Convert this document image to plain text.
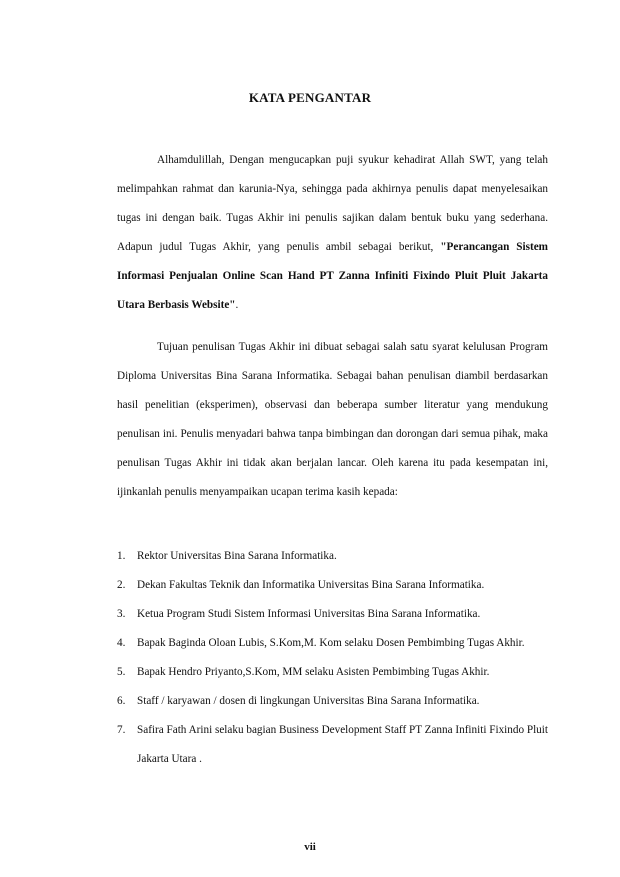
KATA PENGANTAR
Alhamdulillah, Dengan mengucapkan puji syukur kehadirat Allah SWT, yang telah melimpahkan rahmat dan karunia-Nya, sehingga pada akhirnya penulis dapat menyelesaikan tugas ini dengan baik. Tugas Akhir ini penulis sajikan dalam bentuk buku yang sederhana. Adapun judul Tugas Akhir, yang penulis ambil sebagai berikut, "Perancangan Sistem Informasi Penjualan Online Scan Hand PT Zanna Infiniti Fixindo Pluit Pluit Jakarta Utara Berbasis Website".
Tujuan penulisan Tugas Akhir ini dibuat sebagai salah satu syarat kelulusan Program Diploma Universitas Bina Sarana Informatika. Sebagai bahan penulisan diambil berdasarkan hasil penelitian (eksperimen), observasi dan beberapa sumber literatur yang mendukung penulisan ini. Penulis menyadari bahwa tanpa bimbingan dan dorongan dari semua pihak, maka penulisan Tugas Akhir ini tidak akan berjalan lancar. Oleh karena itu pada kesempatan ini, ijinkanlah penulis menyampaikan ucapan terima kasih kepada:
1. Rektor Universitas Bina Sarana Informatika.
2. Dekan Fakultas Teknik dan Informatika Universitas Bina Sarana Informatika.
3. Ketua Program Studi Sistem Informasi Universitas Bina Sarana Informatika.
4. Bapak Baginda Oloan Lubis, S.Kom,M. Kom selaku Dosen Pembimbing Tugas Akhir.
5. Bapak Hendro Priyanto,S.Kom, MM selaku Asisten Pembimbing Tugas Akhir.
6. Staff / karyawan / dosen di lingkungan Universitas Bina Sarana Informatika.
7. Safira Fath Arini selaku bagian Business Development Staff PT Zanna Infiniti Fixindo Pluit Jakarta Utara .
vii
